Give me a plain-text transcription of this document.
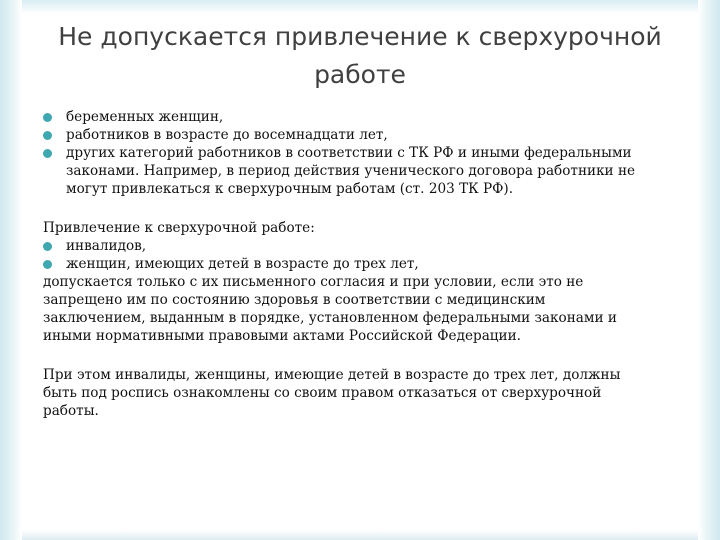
Не допускается привлечение к сверхурочной работе
беременных женщин,
работников в возрасте до восемнадцати лет,
других категорий работников в соответствии с ТК РФ и иными федеральными законами. Например, в период действия ученического договора работники не могут привлекаться к сверхурочным работам (ст. 203 ТК РФ).

Привлечение к сверхурочной работе:

инвалидов,
женщин, имеющих детей в возрасте до трех лет,

допускается только с их письменного согласия и при условии, если это не запрещено им по состоянию здоровья в соответствии с медицинским заключением, выданным в порядке, установленном федеральными законами и иными нормативными правовыми актами Российской Федерации.

При этом инвалиды, женщины, имеющие детей в возрасте до трех лет, должны быть под роспись ознакомлены со своим правом отказаться от сверхурочной работы.
